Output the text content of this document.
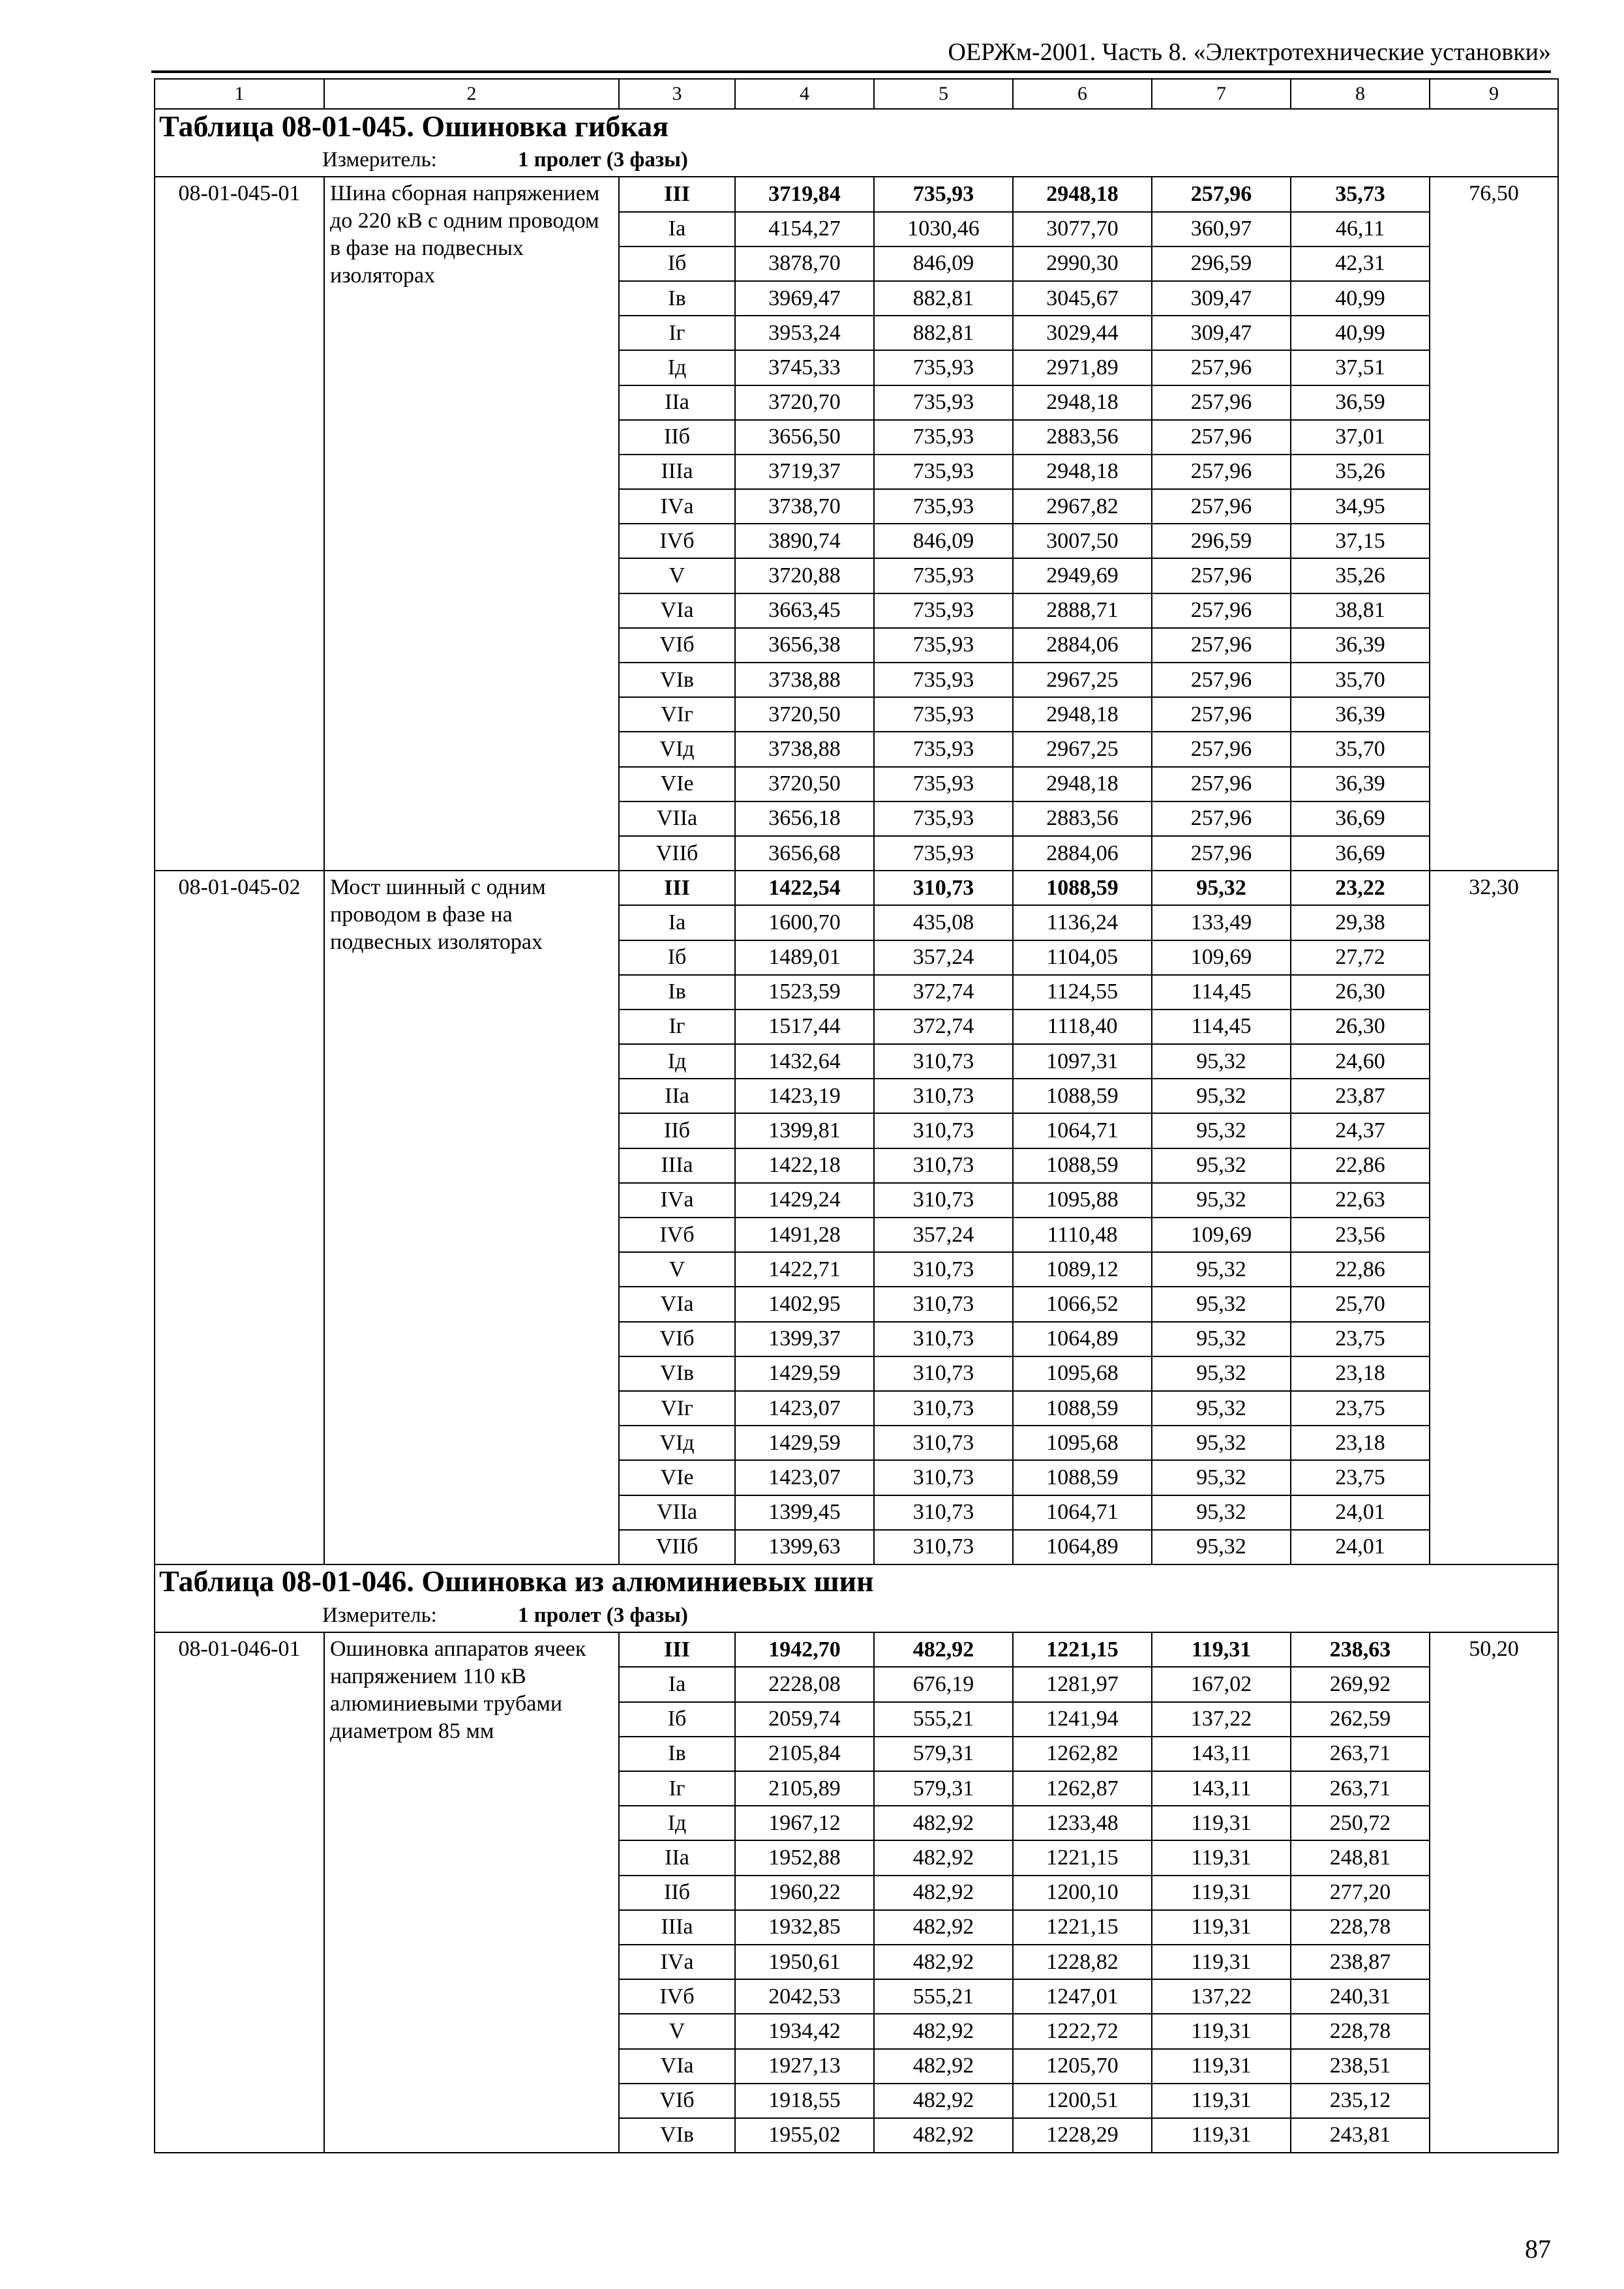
ОЕРЖм-2001. Часть 8. «Электротехнические установки»
1	2	3	4	5	6	7	8	9
Таблица 08-01-045. Ошиновка гибкая								
Измеритель: 1 пролет (3 фазы)								
08-01-045-01	Шина сборная напряжением до 220 кВ с одним проводом в фазе на подвесных изоляторах	III	3719,84	735,93	2948,18	257,96	35,73	76,50
		Iа	4154,27	1030,46	3077,70	360,97	46,11	
		Iб	3878,70	846,09	2990,30	296,59	42,31	
		Iв	3969,47	882,81	3045,67	309,47	40,99	
		Iг	3953,24	882,81	3029,44	309,47	40,99	
		Iд	3745,33	735,93	2971,89	257,96	37,51	
		IIа	3720,70	735,93	2948,18	257,96	36,59	
		IIб	3656,50	735,93	2883,56	257,96	37,01	
		IIIа	3719,37	735,93	2948,18	257,96	35,26	
		IVа	3738,70	735,93	2967,82	257,96	34,95	
		IVб	3890,74	846,09	3007,50	296,59	37,15	
		V	3720,88	735,93	2949,69	257,96	35,26	
		VIа	3663,45	735,93	2888,71	257,96	38,81	
		VIб	3656,38	735,93	2884,06	257,96	36,39	
		VIв	3738,88	735,93	2967,25	257,96	35,70	
		VIг	3720,50	735,93	2948,18	257,96	36,39	
		VIд	3738,88	735,93	2967,25	257,96	35,70	
		VIе	3720,50	735,93	2948,18	257,96	36,39	
		VIIа	3656,18	735,93	2883,56	257,96	36,69	
		VIIб	3656,68	735,93	2884,06	257,96	36,69	
08-01-045-02	Мост шинный с одним проводом в фазе на подвесных изоляторах	III	1422,54	310,73	1088,59	95,32	23,22	32,30
		Iа	1600,70	435,08	1136,24	133,49	29,38	
		Iб	1489,01	357,24	1104,05	109,69	27,72	
		Iв	1523,59	372,74	1124,55	114,45	26,30	
		Iг	1517,44	372,74	1118,40	114,45	26,30	
		Iд	1432,64	310,73	1097,31	95,32	24,60	
		IIа	1423,19	310,73	1088,59	95,32	23,87	
		IIб	1399,81	310,73	1064,71	95,32	24,37	
		IIIа	1422,18	310,73	1088,59	95,32	22,86	
		IVа	1429,24	310,73	1095,88	95,32	22,63	
		IVб	1491,28	357,24	1110,48	109,69	23,56	
		V	1422,71	310,73	1089,12	95,32	22,86	
		VIа	1402,95	310,73	1066,52	95,32	25,70	
		VIб	1399,37	310,73	1064,89	95,32	23,75	
		VIв	1429,59	310,73	1095,68	95,32	23,18	
		VIг	1423,07	310,73	1088,59	95,32	23,75	
		VIд	1429,59	310,73	1095,68	95,32	23,18	
		VIе	1423,07	310,73	1088,59	95,32	23,75	
		VIIа	1399,45	310,73	1064,71	95,32	24,01	
		VIIб	1399,63	310,73	1064,89	95,32	24,01	
Таблица 08-01-046. Ошиновка из алюминиевых шин								
Измеритель: 1 пролет (3 фазы)								
08-01-046-01	Ошиновка аппаратов ячеек напряжением 110 кВ алюминиевыми трубами диаметром 85 мм	III	1942,70	482,92	1221,15	119,31	238,63	50,20
		Iа	2228,08	676,19	1281,97	167,02	269,92	
		Iб	2059,74	555,21	1241,94	137,22	262,59	
		Iв	2105,84	579,31	1262,82	143,11	263,71	
		Iг	2105,89	579,31	1262,87	143,11	263,71	
		Iд	1967,12	482,92	1233,48	119,31	250,72	
		IIа	1952,88	482,92	1221,15	119,31	248,81	
		IIб	1960,22	482,92	1200,10	119,31	277,20	
		IIIа	1932,85	482,92	1221,15	119,31	228,78	
		IVа	1950,61	482,92	1228,82	119,31	238,87	
		IVб	2042,53	555,21	1247,01	137,22	240,31	
		V	1934,42	482,92	1222,72	119,31	228,78	
		VIа	1927,13	482,92	1205,70	119,31	238,51	
		VIб	1918,55	482,92	1200,51	119,31	235,12	
		VIв	1955,02	482,92	1228,29	119,31	243,81	
87
